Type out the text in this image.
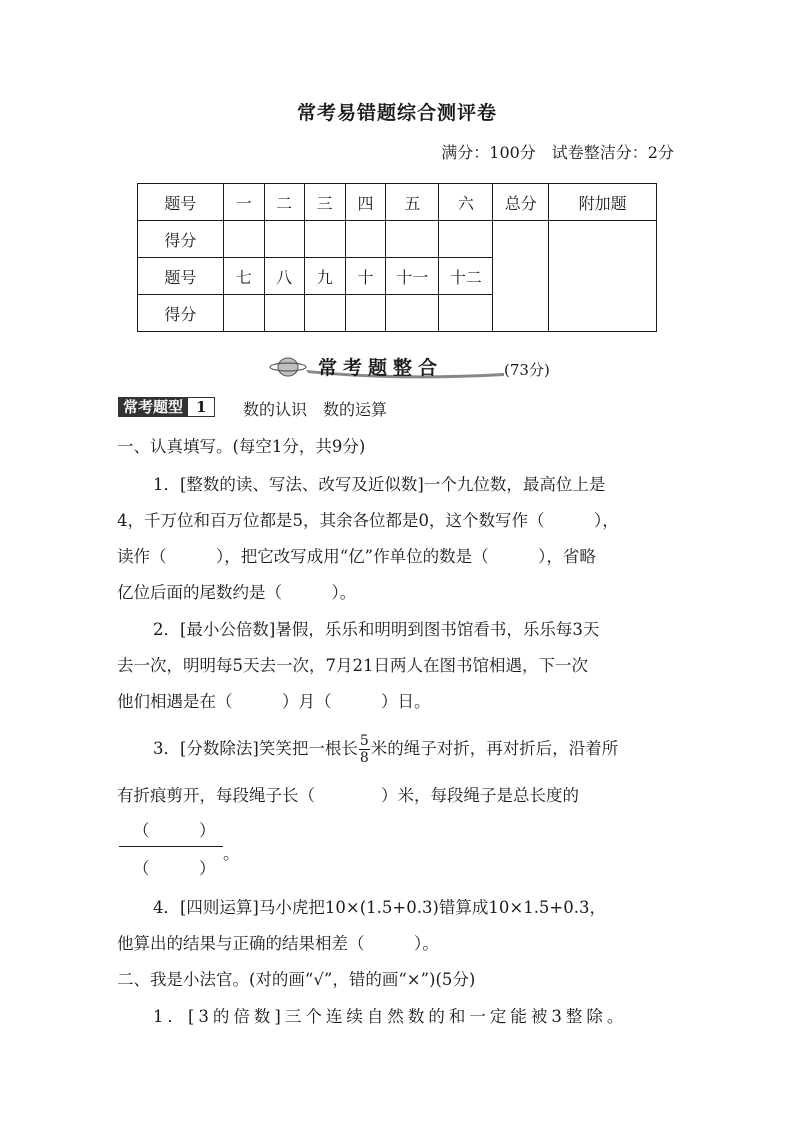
常考易错题综合测评卷
满分：100分　试卷整洁分：2分
题号	一	二	三	四	五	六	总分	附加题
得分								
题号	七	八	九	十	十一	十二		
得分								
常考题整合	(73分)
常考题型 1	数的认识　数的运算
一、认真填写。(每空1分，共9分)
1．[整数的读、写法、改写及近似数]一个九位数，最高位上是
4，千万位和百万位都是5，其余各位都是0，这个数写作（　　　），
读作（　　　），把它改写成用“亿”作单位的数是（　　　），省略
亿位后面的尾数约是（　　　）。
2．[最小公倍数]暑假，乐乐和明明到图书馆看书，乐乐每3天
去一次，明明每5天去一次，7月21日两人在图书馆相遇，下一次
他们相遇是在（　　　）月（　　　）日。
3．[分数除法]笑笑把一根长 $\frac{5}{8}$ 米的绳子对折，再对折后，沿着所
有折痕剪开，每段绳子长（　　　　）米，每段绳子是总长度的
（　　　）
（　　　）
。
4．[四则运算]马小虎把10×(1.5+0.3)错算成10×1.5+0.3，
他算出的结果与正确的结果相差（　　　）。
二、我是小法官。(对的画“√”，错的画“×”)(5分)
1．[3的倍数]三个连续自然数的和一定能被3整除。
